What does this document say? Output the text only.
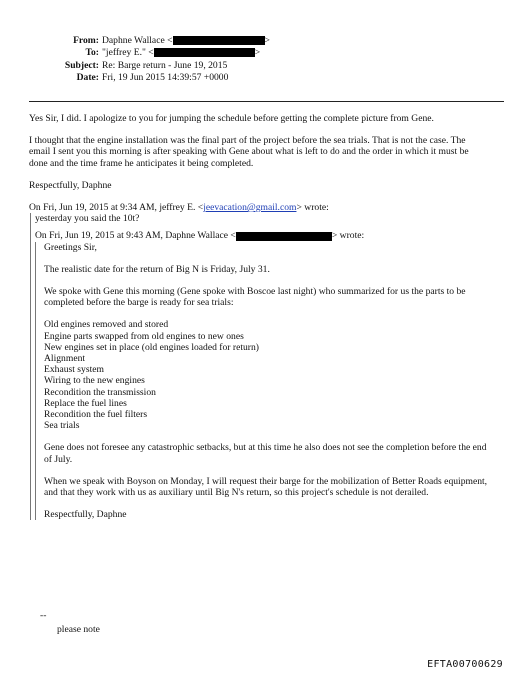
From: Daphne Wallace <	>
To: "jeffrey E." <	>
Subject: Re: Barge return - June 19, 2015
Date: Fri, 19 Jun 2015 14:39:57 +0000

Yes Sir, I did. I apologize to you for jumping the schedule before getting the complete picture from Gene.

I thought that the engine installation was the final part of the project before the sea trials. That is not the case. The email I sent you this morning is after speaking with Gene about what is left to do and the order in which it must be done and the time frame he anticipates it being completed.

Respectfully, Daphne

On Fri, Jun 19, 2015 at 9:34 AM, jeffrey E. <jeevacation@gmail.com> wrote:

yesterday you said the 10t?

On Fri, Jun 19, 2015 at 9:43 AM, Daphne Wallace <	> wrote:

Greetings Sir,

The realistic date for the return of Big N is Friday, July 31.

We spoke with Gene this morning (Gene spoke with Boscoe last night) who summarized for us the parts to be completed before the barge is ready for sea trials:

Old engines removed and stored

Engine parts swapped from old engines to new ones

New engines set in place (old engines loaded for return)

Alignment

Exhaust system

Wiring to the new engines

Recondition the transmission

Replace the fuel lines

Recondition the fuel filters

Sea trials

Gene does not foresee any catastrophic setbacks, but at this time he also does not see the completion before the end of July.

When we speak with Boyson on Monday, I will request their barge for the mobilization of Better Roads equipment, and that they work with us as auxiliary until Big N's return, so this project's schedule is not derailed.

Respectfully, Daphne

--
please note
EFTA00700629
